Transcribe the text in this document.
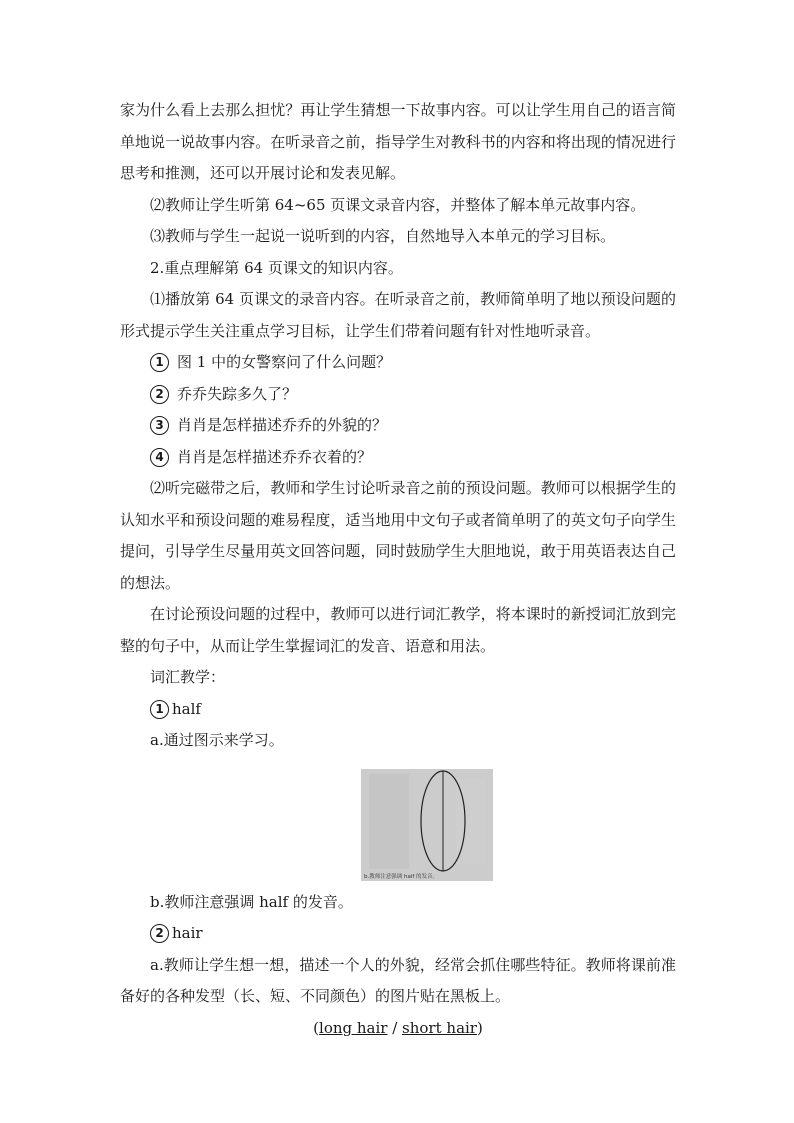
家为什么看上去那么担忧？再让学生猜想一下故事内容。可以让学生用自己的语言简单地说一说故事内容。在听录音之前，指导学生对教科书的内容和将出现的情况进行思考和推测，还可以开展讨论和发表见解。

⑵教师让学生听第 64~65 页课文录音内容，并整体了解本单元故事内容。

⑶教师与学生一起说一说听到的内容，自然地导入本单元的学习目标。

2.重点理解第 64 页课文的知识内容。

⑴播放第 64 页课文的录音内容。在听录音之前，教师简单明了地以预设问题的形式提示学生关注重点学习目标，让学生们带着问题有针对性地听录音。

1 图 1 中的女警察问了什么问题？

2 乔乔失踪多久了？

3 肖肖是怎样描述乔乔的外貌的？

4 肖肖是怎样描述乔乔衣着的？

⑵听完磁带之后，教师和学生讨论听录音之前的预设问题。教师可以根据学生的认知水平和预设问题的难易程度，适当地用中文句子或者简单明了的英文句子向学生提问，引导学生尽量用英文回答问题，同时鼓励学生大胆地说，敢于用英语表达自己的想法。

在讨论预设问题的过程中，教师可以进行词汇教学，将本课时的新授词汇放到完整的句子中，从而让学生掌握词汇的发音、语意和用法。

词汇教学：

1 half

a.通过图示来学习。

b.教师注意强调 half 的发音。

b.教师注意强调 half 的发音。

2 hair

a.教师让学生想一想，描述一个人的外貌，经常会抓住哪些特征。教师将课前准备好的各种发型（长、短、不同颜色）的图片贴在黑板上。

(long hair / short hair)
